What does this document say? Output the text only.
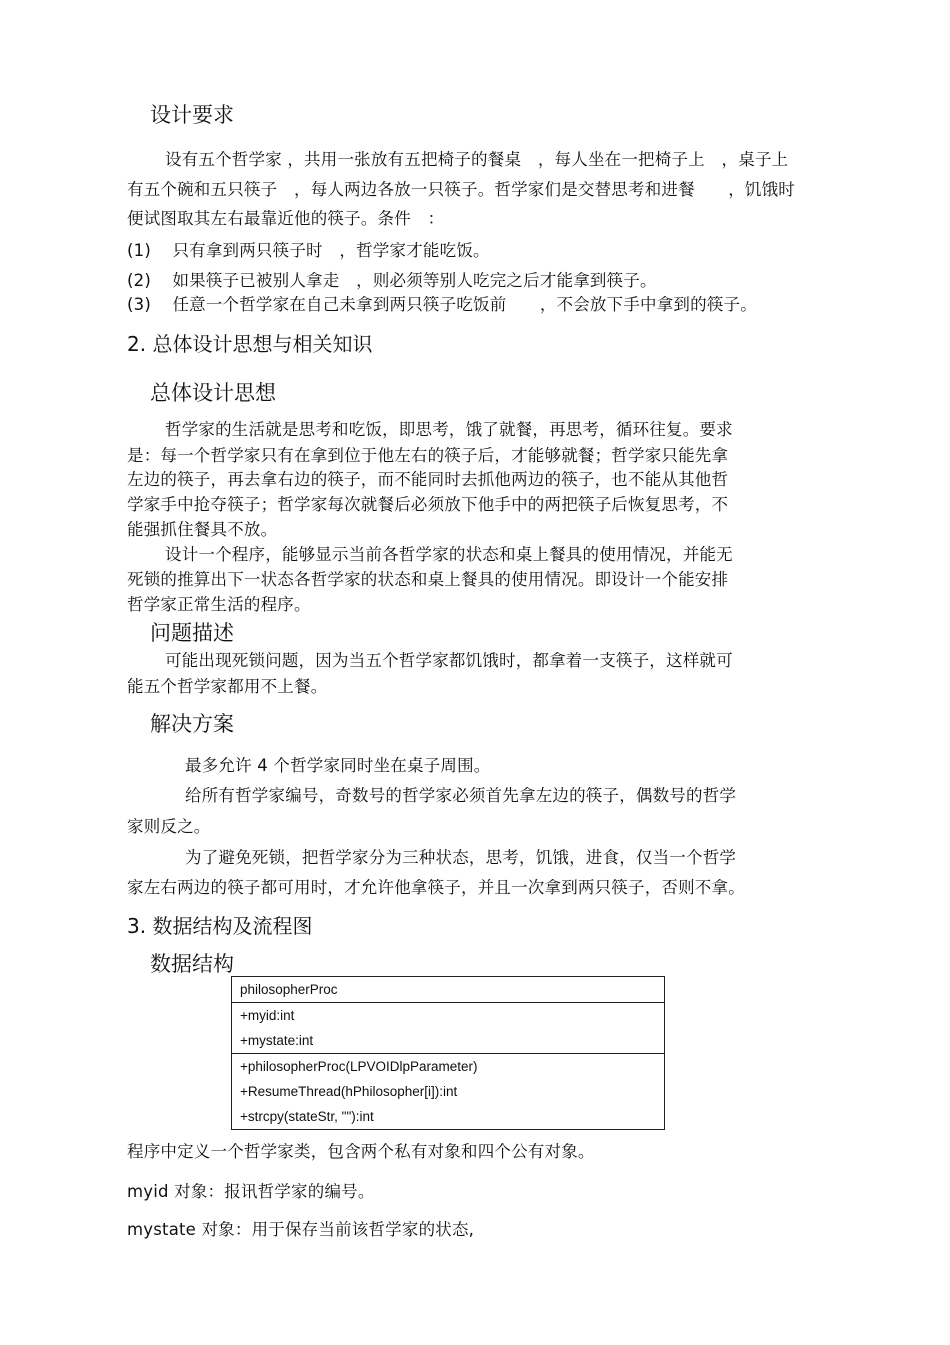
设计要求
设有五个哲学家 ，共用一张放有五把椅子的餐桌　，每人坐在一把椅子上　，桌子上
有五个碗和五只筷子　，每人两边各放一只筷子。哲学家们是交替思考和进餐　　，饥饿时
便试图取其左右最靠近他的筷子。条件　：
(1) 只有拿到两只筷子时　，哲学家才能吃饭。
(2) 如果筷子已被别人拿走　，则必须等别人吃完之后才能拿到筷子。
(3) 任意一个哲学家在自己未拿到两只筷子吃饭前　　，不会放下手中拿到的筷子。
2. 总体设计思想与相关知识
总体设计思想
哲学家的生活就是思考和吃饭，即思考，饿了就餐，再思考，循环往复。要求
是：每一个哲学家只有在拿到位于他左右的筷子后，才能够就餐；哲学家只能先拿
左边的筷子，再去拿右边的筷子，而不能同时去抓他两边的筷子，也不能从其他哲
学家手中抢夺筷子；哲学家每次就餐后必须放下他手中的两把筷子后恢复思考，不
能强抓住餐具不放。
设计一个程序，能够显示当前各哲学家的状态和桌上餐具的使用情况，并能无
死锁的推算出下一状态各哲学家的状态和桌上餐具的使用情况。即设计一个能安排
哲学家正常生活的程序。
问题描述
可能出现死锁问题，因为当五个哲学家都饥饿时，都拿着一支筷子，这样就可
能五个哲学家都用不上餐。
解决方案
最多允许 4 个哲学家同时坐在桌子周围。
给所有哲学家编号，奇数号的哲学家必须首先拿左边的筷子，偶数号的哲学
家则反之。
为了避免死锁，把哲学家分为三种状态，思考，饥饿，进食，仅当一个哲学
家左右两边的筷子都可用时，才允许他拿筷子，并且一次拿到两只筷子，否则不拿。
3. 数据结构及流程图
数据结构
philosopherProc
+myid:int
+mystate:int
+philosopherProc(LPVOIDlpParameter)
+ResumeThread(hPhilosopher[i]):int
+strcpy(stateStr, ""):int
程序中定义一个哲学家类，包含两个私有对象和四个公有对象。
myid 对象：报讯哲学家的编号。
mystate 对象：用于保存当前该哲学家的状态,
